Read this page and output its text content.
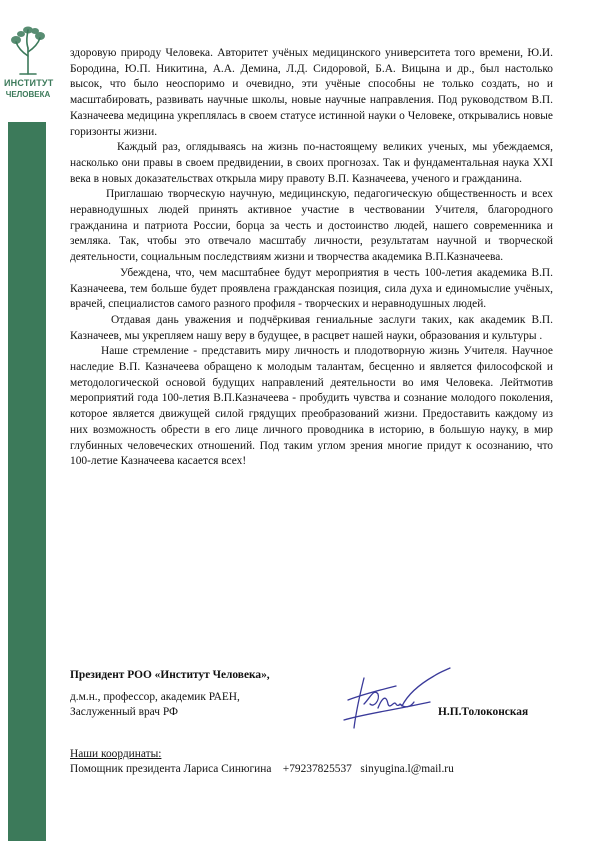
ИНСТИТУТ
ЧЕЛОВЕКА

здоровую природу Человека. Авторитет учёных медицинского университета того времени, Ю.И. Бородина, Ю.П. Никитина, А.А. Демина, Л.Д. Сидоровой, Б.А. Вицына и др., был настолько высок, что было неоспоримо и очевидно, эти учёные способны не только создать, но и масштабировать, развивать научные школы, новые научные направления. Под руководством В.П. Казначеева медицина укреплялась в своем статусе истинной науки о Человеке, открывались новые горизонты жизни.

Каждый раз, оглядываясь на жизнь по-настоящему великих ученых, мы убеждаемся, насколько они правы в своем предвидении, в своих прогнозах. Так и фундаментальная наука XXI века в новых доказательствах открыла миру правоту В.П. Казначеева, ученого и гражданина.

Приглашаю творческую научную, медицинскую, педагогическую общественность и всех неравнодушных людей принять активное участие в чествовании Учителя, благородного гражданина и патриота России, борца за честь и достоинство людей, нашего современника и земляка. Так, чтобы это отвечало масштабу личности, результатам научной и творческой деятельности, социальным последствиям жизни и творчества академика В.П.Казначеева.

Убеждена, что, чем масштабнее будут мероприятия в честь 100-летия академика В.П. Казначеева, тем больше будет проявлена гражданская позиция, сила духа и единомыслие учёных, врачей, специалистов самого разного профиля - творческих и неравнодушных людей.

Отдавая дань уважения и подчёркивая гениальные заслуги таких, как академик В.П. Казначеев, мы укрепляем нашу веру в будущее, в расцвет нашей науки, образования и культуры .

Наше стремление - представить миру личность и плодотворную жизнь Учителя. Научное наследие В.П. Казначеева обращено к молодым талантам, бесценно и является философской и методологической основой будущих направлений деятельности во имя Человека. Лейтмотив мероприятий года 100-летия В.П.Казначеева - пробудить чувства и сознание молодого поколения, которое является движущей силой грядущих преобразований жизни. Предоставить каждому из них возможность обрести в его лице личного проводника в историю, в большую науку, в мир глубинных человеческих отношений. Под таким углом зрения многие придут к осознанию, что 100-летие Казначеева касается всех!

Президент РОО «Институт Человека»,

д.м.н., профессор, академик РАЕН,

Заслуженный врач РФ	Н.П.Толоконская

Наши координаты:

Помощник президента Лариса Синюгина +79237825537 sinyugina.l@mail.ru
